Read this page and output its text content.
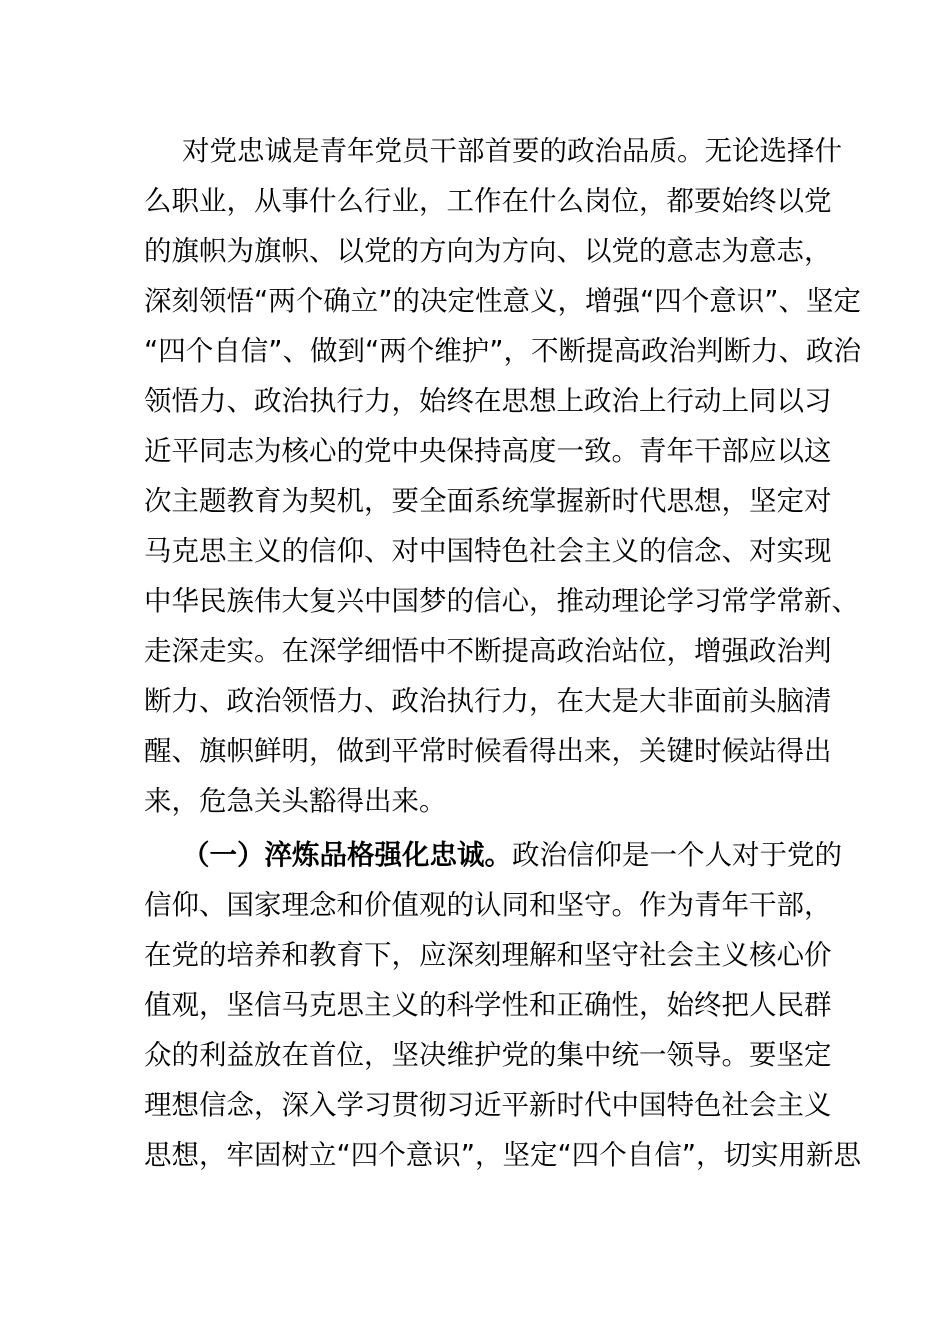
对党忠诚是青年党员干部首要的政治品质。无论选择什
么职业，从事什么行业，工作在什么岗位，都要始终以党
的旗帜为旗帜、以党的方向为方向、以党的意志为意志，
深刻领悟“两个确立”的决定性意义，增强“四个意识”、坚定
“四个自信”、做到“两个维护”，不断提高政治判断力、政治
领悟力、政治执行力，始终在思想上政治上行动上同以习
近平同志为核心的党中央保持高度一致。青年干部应以这
次主题教育为契机，要全面系统掌握新时代思想，坚定对
马克思主义的信仰、对中国特色社会主义的信念、对实现
中华民族伟大复兴中国梦的信心，推动理论学习常学常新、
走深走实。在深学细悟中不断提高政治站位，增强政治判
断力、政治领悟力、政治执行力，在大是大非面前头脑清
醒、旗帜鲜明，做到平常时候看得出来，关键时候站得出
来，危急关头豁得出来。
（一）淬炼品格强化忠诚。政治信仰是一个人对于党的
信仰、国家理念和价值观的认同和坚守。作为青年干部，
在党的培养和教育下，应深刻理解和坚守社会主义核心价
值观，坚信马克思主义的科学性和正确性，始终把人民群
众的利益放在首位，坚决维护党的集中统一领导。要坚定
理想信念，深入学习贯彻习近平新时代中国特色社会主义
思想，牢固树立“四个意识”，坚定“四个自信”，切实用新思
